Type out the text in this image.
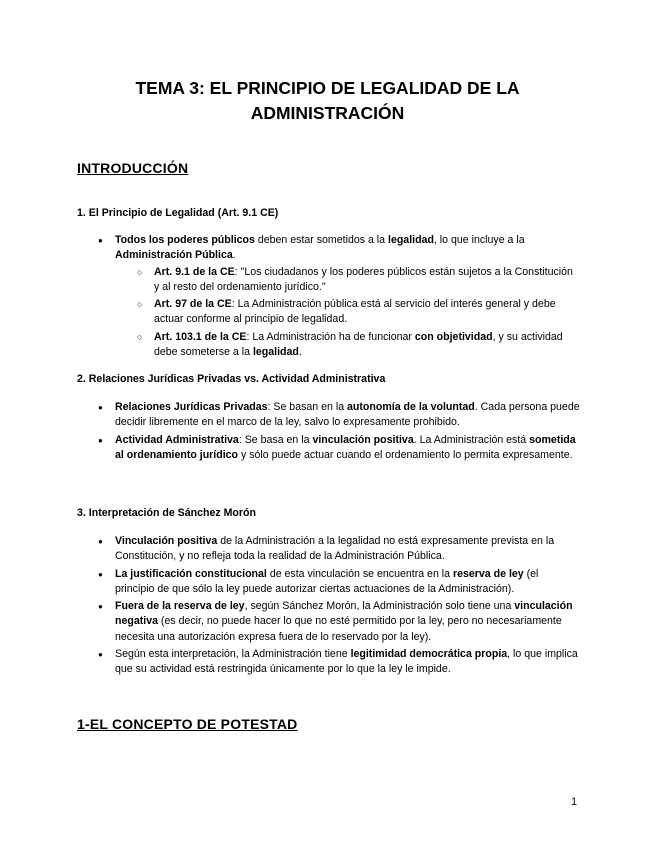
TEMA 3: EL PRINCIPIO DE LEGALIDAD DE LA
ADMINISTRACIÓN
INTRODUCCIÓN
1. El Principio de Legalidad (Art. 9.1 CE)
● Todos los poderes públicos deben estar sometidos a la legalidad, lo que incluye a la Administración Pública.
○ Art. 9.1 de la CE: "Los ciudadanos y los poderes públicos están sujetos a la Constitución y al resto del ordenamiento jurídico."
○ Art. 97 de la CE: La Administración pública está al servicio del interés general y debe actuar conforme al principio de legalidad.
○ Art. 103.1 de la CE: La Administración ha de funcionar con objetividad, y su actividad debe someterse a la legalidad.
2. Relaciones Jurídicas Privadas vs. Actividad Administrativa
● Relaciones Jurídicas Privadas: Se basan en la autonomía de la voluntad. Cada persona puede decidir libremente en el marco de la ley, salvo lo expresamente prohibido.
● Actividad Administrativa: Se basa en la vinculación positiva. La Administración está sometida al ordenamiento jurídico y sólo puede actuar cuando el ordenamiento lo permita expresamente.
3. Interpretación de Sánchez Morón
● Vinculación positiva de la Administración a la legalidad no está expresamente prevista en la Constitución, y no refleja toda la realidad de la Administración Pública.
● La justificación constitucional de esta vinculación se encuentra en la reserva de ley (el principio de que sólo la ley puede autorizar ciertas actuaciones de la Administración).
● Fuera de la reserva de ley, según Sánchez Morón, la Administración solo tiene una vinculación negativa (es decir, no puede hacer lo que no esté permitido por la ley, pero no necesariamente necesita una autorización expresa fuera de lo reservado por la ley).
● Según esta interpretación, la Administración tiene legitimidad democrática propia, lo que implica que su actividad está restringida únicamente por lo que la ley le impide.
1-EL CONCEPTO DE POTESTAD
1
